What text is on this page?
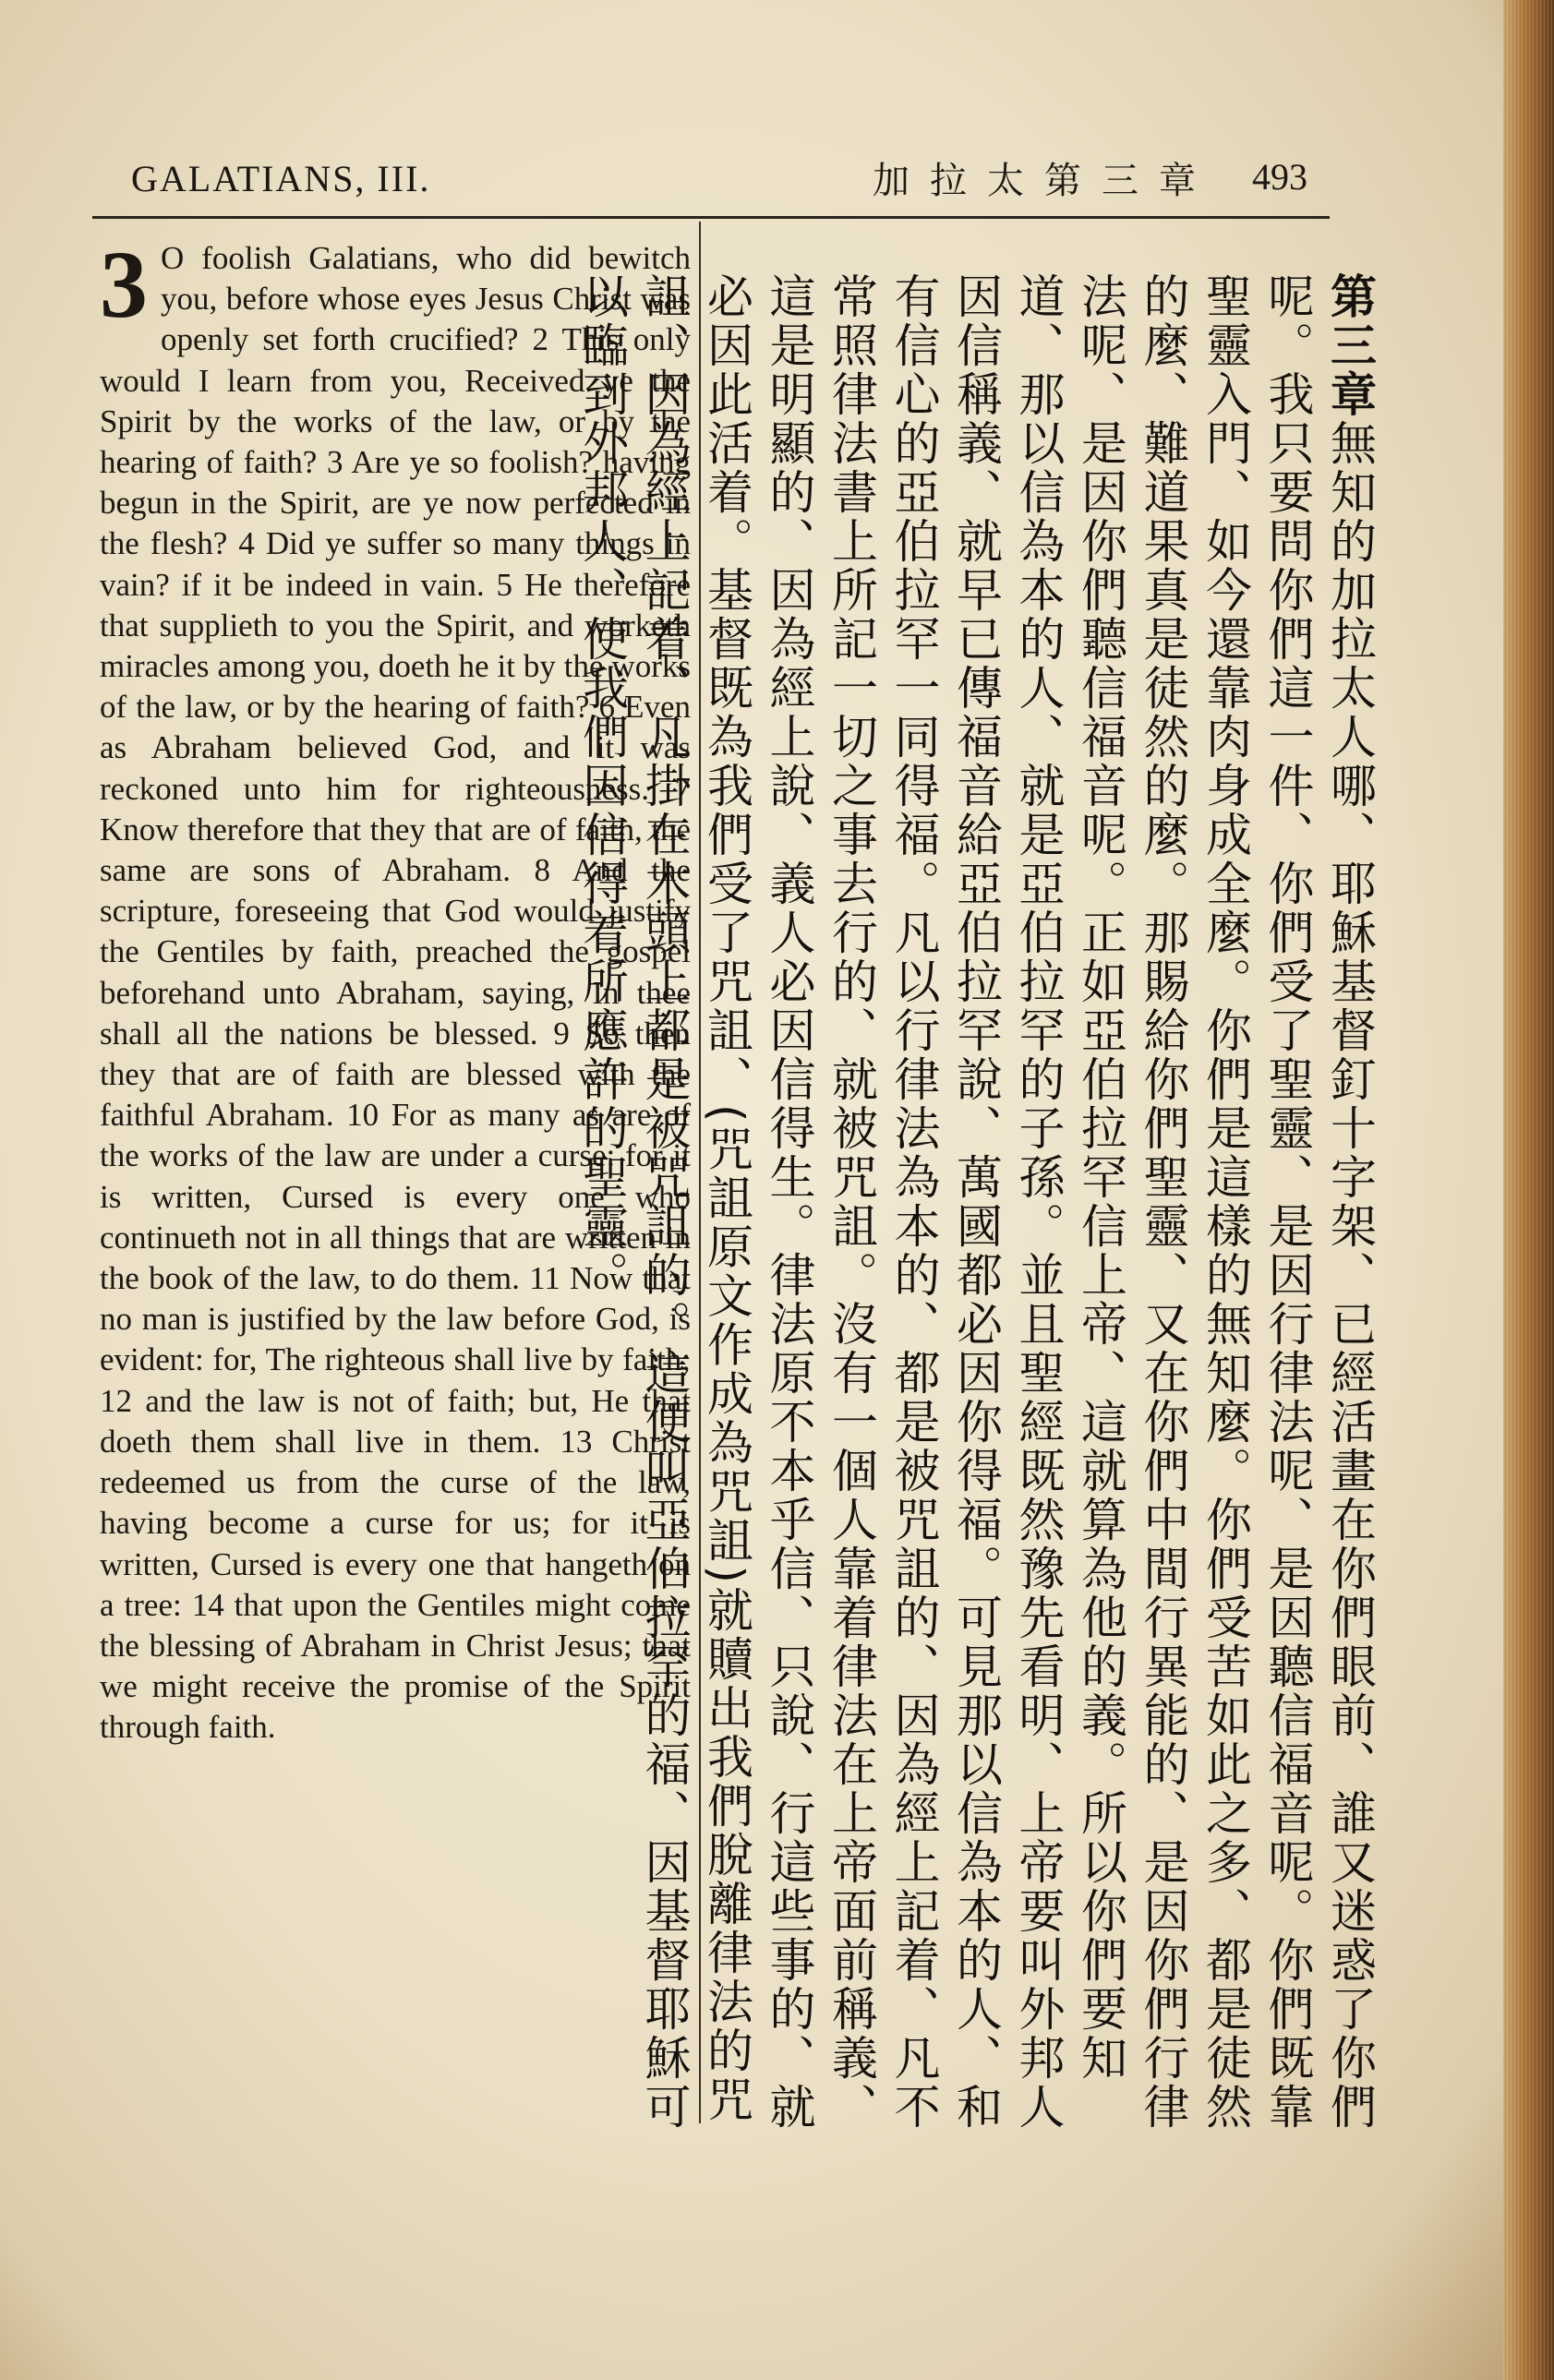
GALATIANS, III.	加拉太第三章 493
3 O foolish Galatians, who did bewitch you, before whose eyes Jesus Christ was openly set forth crucified? 2 This only would I learn from you, Received ye the Spirit by the works of the law, or by the hearing of faith? 3 Are ye so foolish? having begun in the Spirit, are ye now perfected in the flesh? 4 Did ye suffer so many things in vain? if it be indeed in vain. 5 He therefore that supplieth to you the Spirit, and worketh miracles among you, doeth he it by the works of the law, or by the hearing of faith? 6 Even as Abraham believed God, and it was reckoned unto him for righteousness. 7 Know therefore that they that are of faith, the same are sons of Abraham. 8 And the scripture, foreseeing that God would justify the Gentiles by faith, preached the gospel beforehand unto Abraham, saying, In thee shall all the nations be blessed. 9 So then they that are of faith are blessed with the faithful Abraham. 10 For as many as are of the works of the law are under a curse: for it is written, Cursed is every one who continueth not in all things that are written in the book of the law, to do them. 11 Now that no man is justified by the law before God, is evident: for, The righteous shall live by faith; 12 and the law is not of faith; but, He that doeth them shall live in them. 13 Christ redeemed us from the curse of the law, having become a curse for us; for it is written, Cursed is every one that hangeth on a tree: 14 that upon the Gentiles might come the blessing of Abraham in Christ Jesus; that we might receive the promise of the Spirit through faith.
第三章無知的加拉太人哪、耶穌基督釘十字架、已經活畫在你們眼前、誰又迷惑了你們呢。我只要問你們這一件、你們受了聖靈、是因行律法呢、是因聽信福音呢。你們既靠聖靈入門、如今還靠肉身成全麼。你們是這樣的無知麼。你們受苦如此之多、都是徒然的麼、難道果真是徒然的麼。那賜給你們聖靈、又在你們中間行異能的、是因你們行律法呢、是因你們聽信福音呢。正如亞伯拉罕信上帝、這就算為他的義。所以你們要知道、那以信為本的人、就是亞伯拉罕的子孫。並且聖經既然豫先看明、上帝要叫外邦人因信稱義、就早已傳福音給亞伯拉罕說、萬國都必因你得福。可見那以信為本的人、和有信心的亞伯拉罕一同得福。凡以行律法為本的、都是被咒詛的、因為經上記着、凡不常照律法書上所記一切之事去行的、就被咒詛。沒有一個人靠着律法在上帝面前稱義、這是明顯的、因為經上說、義人必因信得生。律法原不本乎信、只說、行這些事的、就必因此活着。基督既為我們受了咒詛、(咒詛原文作成為咒詛)就贖出我們脫離律法的咒詛、因為經上記着、凡掛在木頭上都是被咒詛的。這便叫亞伯拉罕的福、因基督耶穌可以臨到外邦人、使我們因信得着所應許的聖靈。
